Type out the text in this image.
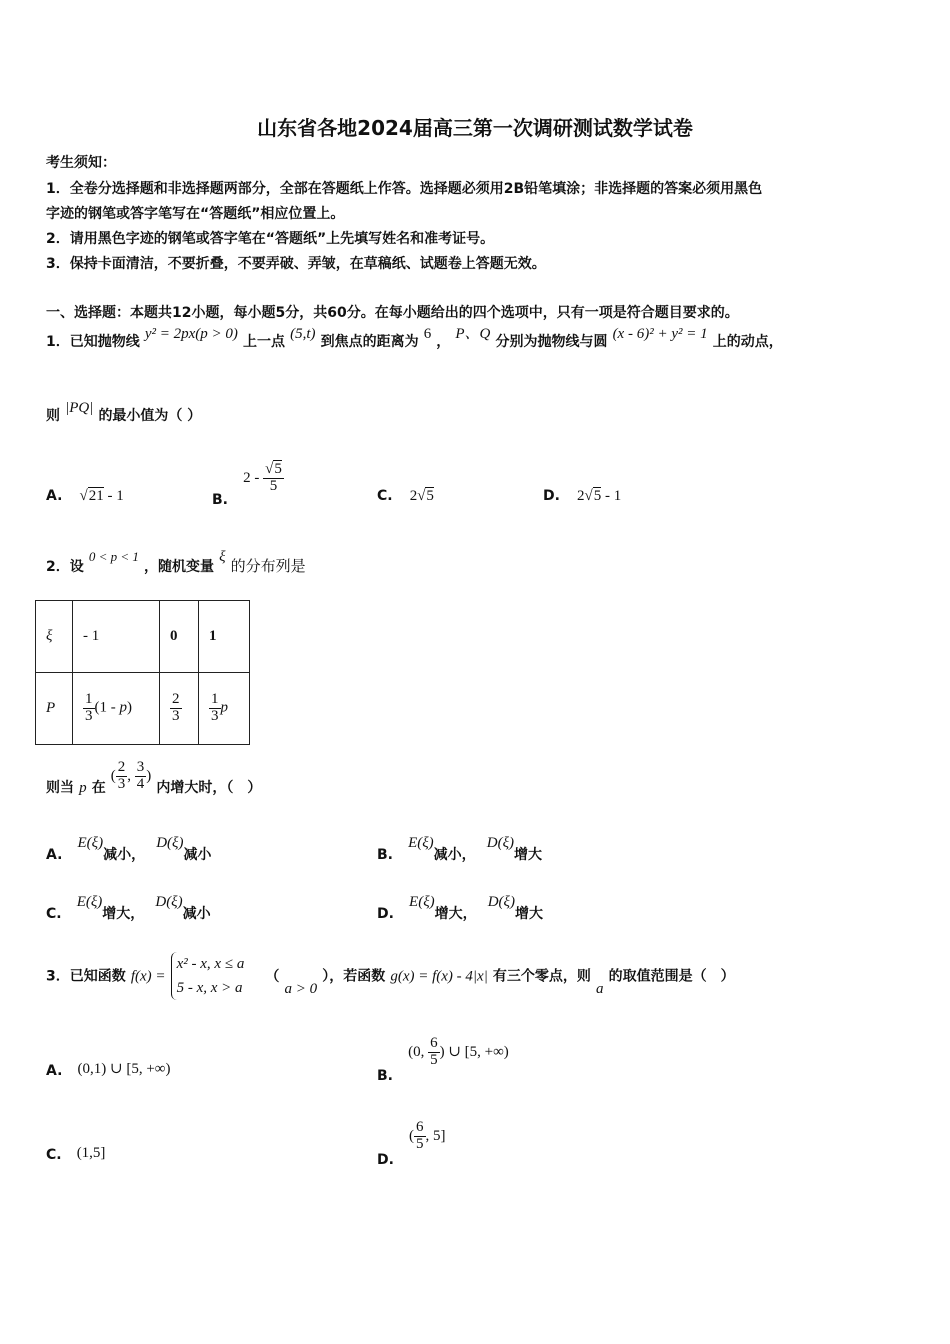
山东省各地2024届高三第一次调研测试数学试卷
考生须知：
1．全卷分选择题和非选择题两部分，全部在答题纸上作答。选择题必须用2B铅笔填涂；非选择题的答案必须用黑色
字迹的钢笔或答字笔写在“答题纸”相应位置上。
2．请用黑色字迹的钢笔或答字笔在“答题纸”上先填写姓名和准考证号。
3．保持卡面清洁，不要折叠，不要弄破、弄皱，在草稿纸、试题卷上答题无效。
一、选择题：本题共12小题，每小题5分，共60分。在每小题给出的四个选项中，只有一项是符合题目要求的。
1．已知抛物线 y² = 2px(p > 0) 上一点 (5,t) 到焦点的距离为 6 ， P、Q 分别为抛物线与圆 (x - 6)² + y² = 1 上的动点，
则 |PQ| 的最小值为（ ）
A. √21 - 1	B. $2 - \frac{√5}{5}$
C. 2√5	D. 2√5 - 1
2．设 $^{0 < p < 1}$ ，随机变量 ξ 的分布列是
ξ	- 1	0	1
P	$\frac{1}{3} (1 - p)$	$\frac{2}{3}$	$\frac{1}{3}$ p
则当 p 在 ( $\frac{2}{3}$ , $\frac{3}{4}$ ) 内增大时，（　）
A. E(ξ)减小， D(ξ)减小	B. E(ξ)减小， D(ξ)增大
C. E(ξ)增大， D(ξ)减小	D. E(ξ)增大， D(ξ)增大
3．已知函数 f(x) =
x² - x, x ≤ a
5 - x, x > a
（ a > 0 ），若函数 g(x) = f(x) - 4|x| 有三个零点，则 a 的取值范围是（　）
A. (0,1) ∪ [5, +∞)	B. (0, $\frac{6}{5}$ ) ∪ [5, +∞)
C. (1,5]	D. ( $\frac{6}{5}$ , 5]
